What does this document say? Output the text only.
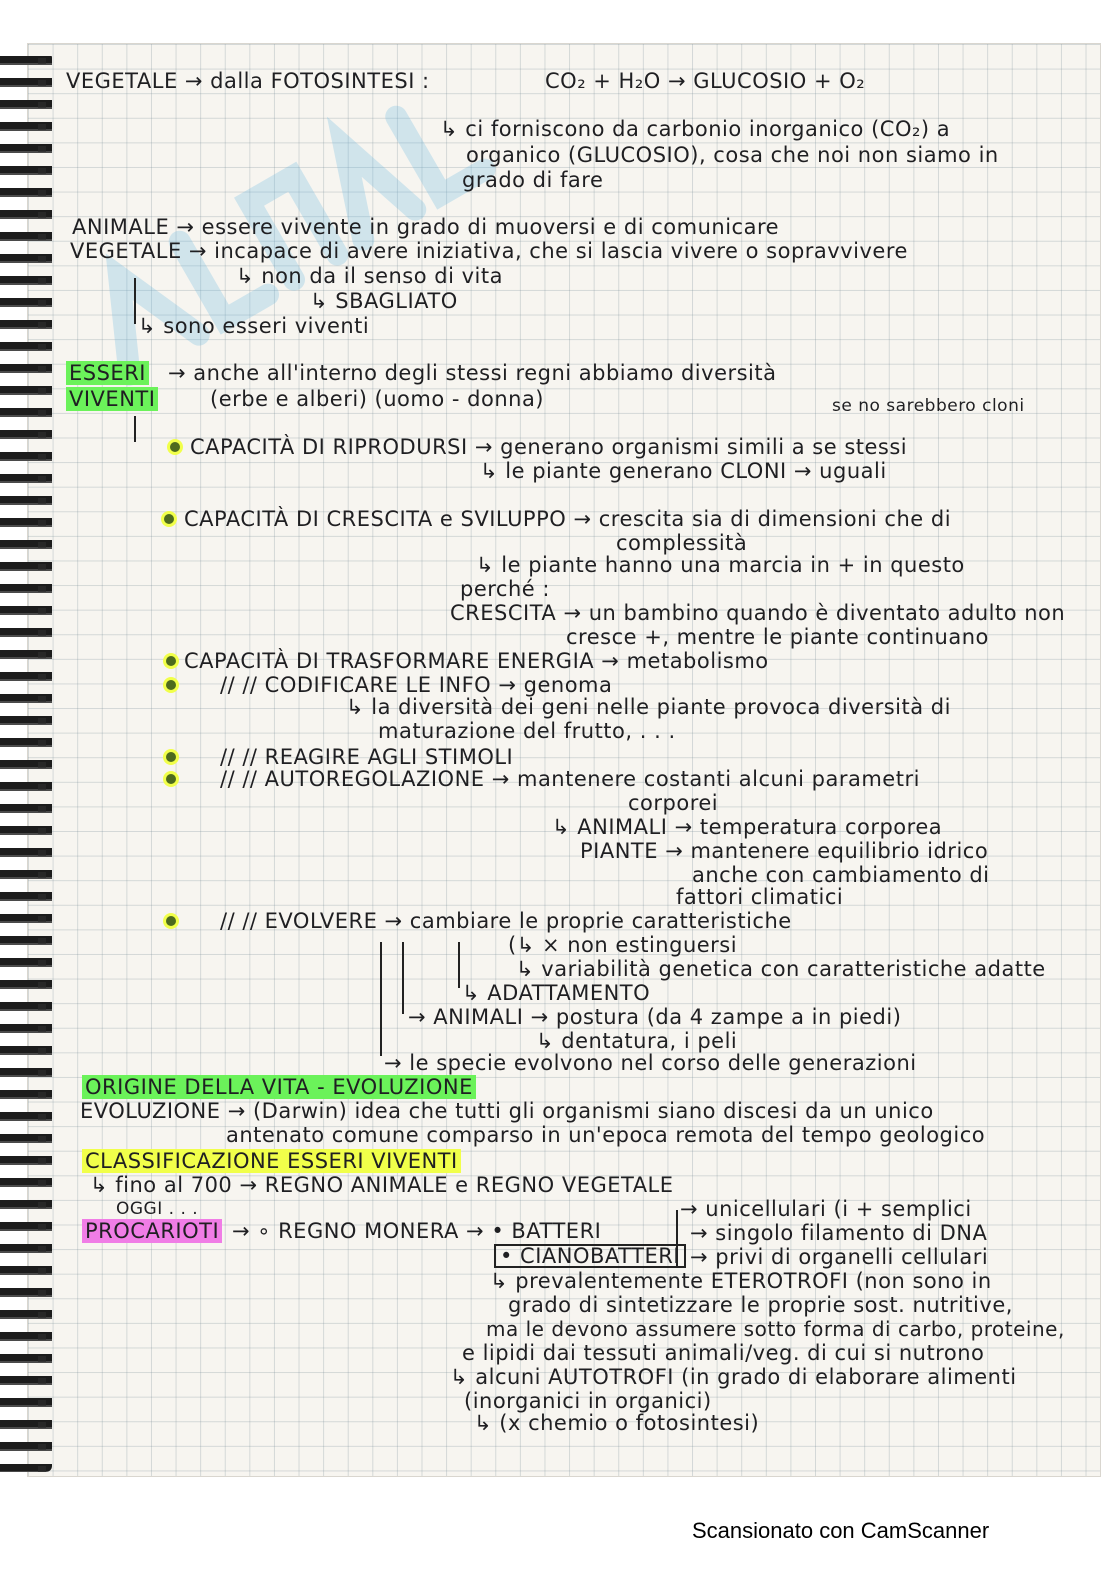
VEGETALE → dalla FOTOSINTESI :	CO₂ + H₂O → GLUCOSIO + O₂
↳ ci forniscono da carbonio inorganico (CO₂) a
organico (GLUCOSIO), cosa che noi non siamo in
grado di fare
ANIMALE → essere vivente in grado di muoversi e di comunicare
VEGETALE → incapace di avere iniziativa, che si lascia vivere o sopravvivere
↳ non da il senso di vita
↳ SBAGLIATO
↳ sono esseri viventi
ESSERI
VIVENTI
→ anche all'interno degli stessi regni abbiamo diversità
(erbe e alberi) (uomo - donna)	se no sarebbero cloni
CAPACITÀ DI RIPRODURSI → generano organismi simili a se stessi
↳ le piante generano CLONI → uguali
CAPACITÀ DI CRESCITA e SVILUPPO → crescita sia di dimensioni che di
complessità
↳ le piante hanno una marcia in + in questo
perché :
CRESCITA → un bambino quando è diventato adulto non
cresce +, mentre le piante continuano
CAPACITÀ DI TRASFORMARE ENERGIA → metabolismo
// // CODIFICARE LE INFO → genoma
↳ la diversità dei geni nelle piante provoca diversità di
maturazione del frutto, . . .
// // REAGIRE AGLI STIMOLI
// // AUTOREGOLAZIONE → mantenere costanti alcuni parametri
corporei
↳ ANIMALI → temperatura corporea
PIANTE → mantenere equilibrio idrico
anche con cambiamento di
fattori climatici
// // EVOLVERE → cambiare le proprie caratteristiche
(↳ × non estinguersi
↳ variabilità genetica con caratteristiche adatte
↳ ADATTAMENTO
→ ANIMALI → postura (da 4 zampe a in piedi)
↳ dentatura, i peli
→ le specie evolvono nel corso delle generazioni
ORIGINE DELLA VITA - EVOLUZIONE
EVOLUZIONE → (Darwin) idea che tutti gli organismi siano discesi da un unico
antenato comune comparso in un'epoca remota del tempo geologico
CLASSIFICAZIONE ESSERI VIVENTI
↳ fino al 700 → REGNO ANIMALE e REGNO VEGETALE
OGGI . . .
PROCARIOTI → ∘ REGNO MONERA → • BATTERI
• CIANOBATTERI
→ unicellulari (i + semplici
→ singolo filamento di DNA
→ privi di organelli cellulari
↳ prevalentemente ETEROTROFI (non sono in
grado di sintetizzare le proprie sost. nutritive,
ma le devono assumere sotto forma di carbo, proteine,
e lipidi dai tessuti animali/veg. di cui si nutrono
↳ alcuni AUTOTROFI (in grado di elaborare alimenti
(inorganici in organici)
↳ (x chemio o fotosintesi)
Scansionato con CamScanner
